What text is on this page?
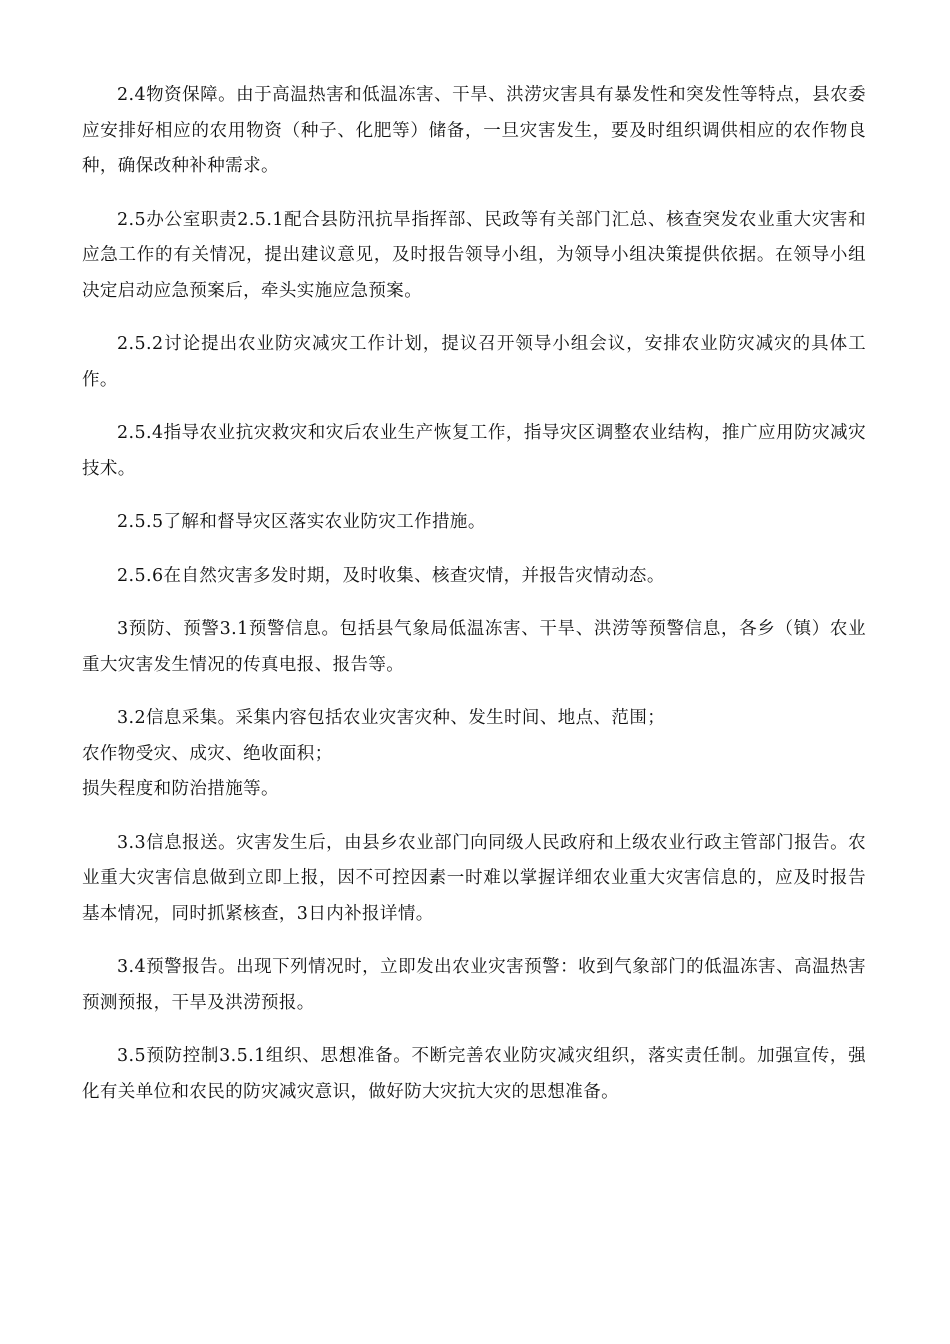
2.4物资保障。由于高温热害和低温冻害、干旱、洪涝灾害具有暴发性和突发性等特点，县农委应安排好相应的农用物资（种子、化肥等）储备，一旦灾害发生，要及时组织调供相应的农作物良种，确保改种补种需求。

2.5办公室职责2.5.1配合县防汛抗旱指挥部、民政等有关部门汇总、核查突发农业重大灾害和应急工作的有关情况，提出建议意见，及时报告领导小组，为领导小组决策提供依据。在领导小组决定启动应急预案后，牵头实施应急预案。

2.5.2讨论提出农业防灾减灾工作计划，提议召开领导小组会议，安排农业防灾减灾的具体工作。

2.5.4指导农业抗灾救灾和灾后农业生产恢复工作，指导灾区调整农业结构，推广应用防灾减灾技术。

2.5.5了解和督导灾区落实农业防灾工作措施。

2.5.6在自然灾害多发时期，及时收集、核查灾情，并报告灾情动态。

3预防、预警3.1预警信息。包括县气象局低温冻害、干旱、洪涝等预警信息，各乡（镇）农业重大灾害发生情况的传真电报、报告等。

3.2信息采集。采集内容包括农业灾害灾种、发生时间、地点、范围；

农作物受灾、成灾、绝收面积；

损失程度和防治措施等。

3.3信息报送。灾害发生后，由县乡农业部门向同级人民政府和上级农业行政主管部门报告。农业重大灾害信息做到立即上报，因不可控因素一时难以掌握详细农业重大灾害信息的，应及时报告基本情况，同时抓紧核查，3日内补报详情。

3.4预警报告。出现下列情况时，立即发出农业灾害预警：收到气象部门的低温冻害、高温热害预测预报，干旱及洪涝预报。

3.5预防控制3.5.1组织、思想准备。不断完善农业防灾减灾组织，落实责任制。加强宣传，强化有关单位和农民的防灾减灾意识，做好防大灾抗大灾的思想准备。
